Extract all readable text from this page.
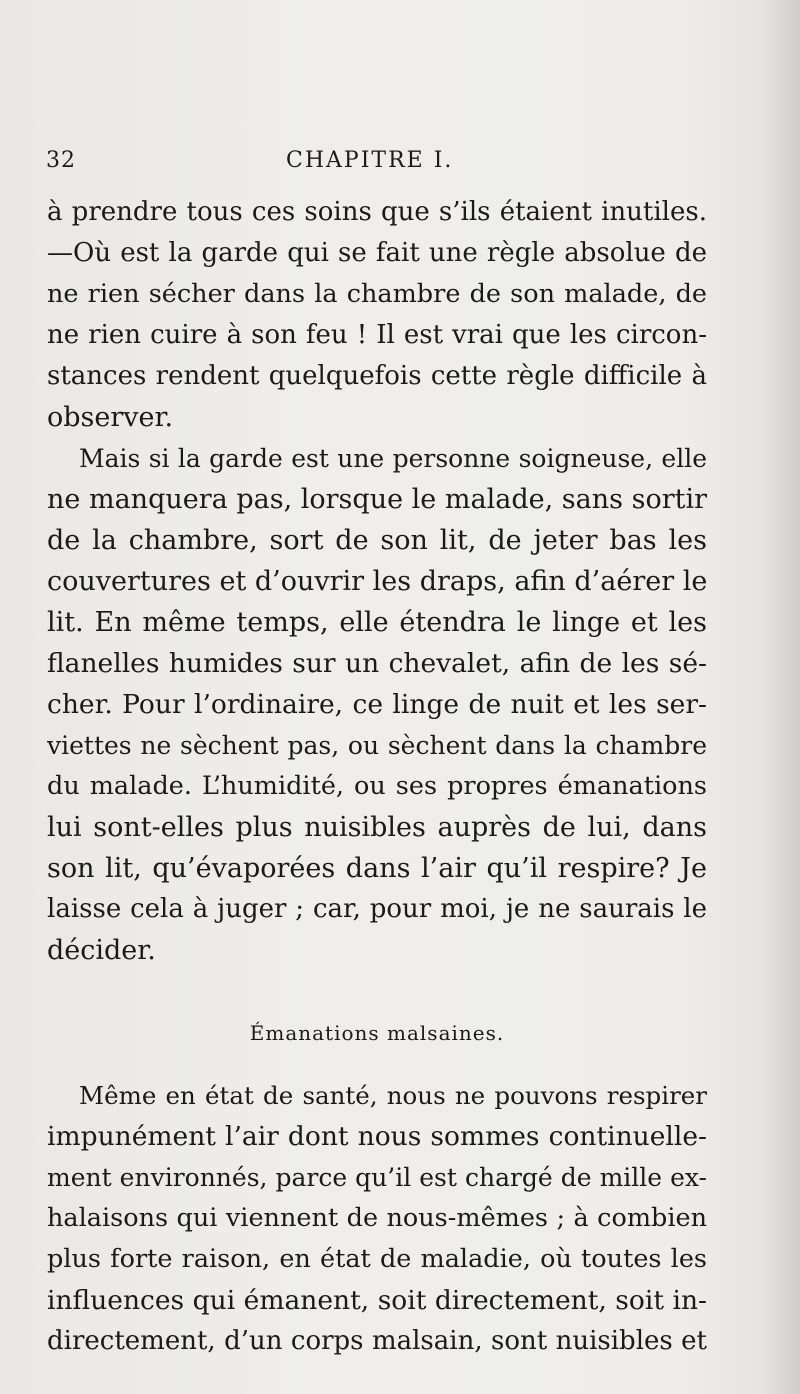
32	CHAPITRE I.
à prendre tous ces soins que s’ils étaient inutiles.
—Où est la garde qui se fait une règle absolue de
ne rien sécher dans la chambre de son malade, de
ne rien cuire à son feu ! Il est vrai que les circon-
stances rendent quelquefois cette règle difficile à
observer.
Mais si la garde est une personne soigneuse, elle
ne manquera pas, lorsque le malade, sans sortir
de la chambre, sort de son lit, de jeter bas les
couvertures et d’ouvrir les draps, afin d’aérer le
lit. En même temps, elle étendra le linge et les
flanelles humides sur un chevalet, afin de les sé-
cher. Pour l’ordinaire, ce linge de nuit et les ser-
viettes ne sèchent pas, ou sèchent dans la chambre
du malade. L’humidité, ou ses propres émanations
lui sont-elles plus nuisibles auprès de lui, dans
son lit, qu’évaporées dans l’air qu’il respire? Je
laisse cela à juger ; car, pour moi, je ne saurais le
décider.
Émanations malsaines.
Même en état de santé, nous ne pouvons respirer
impunément l’air dont nous sommes continuelle-
ment environnés, parce qu’il est chargé de mille ex-
halaisons qui viennent de nous-mêmes ; à combien
plus forte raison, en état de maladie, où toutes les
influences qui émanent, soit directement, soit in-
directement, d’un corps malsain, sont nuisibles et
